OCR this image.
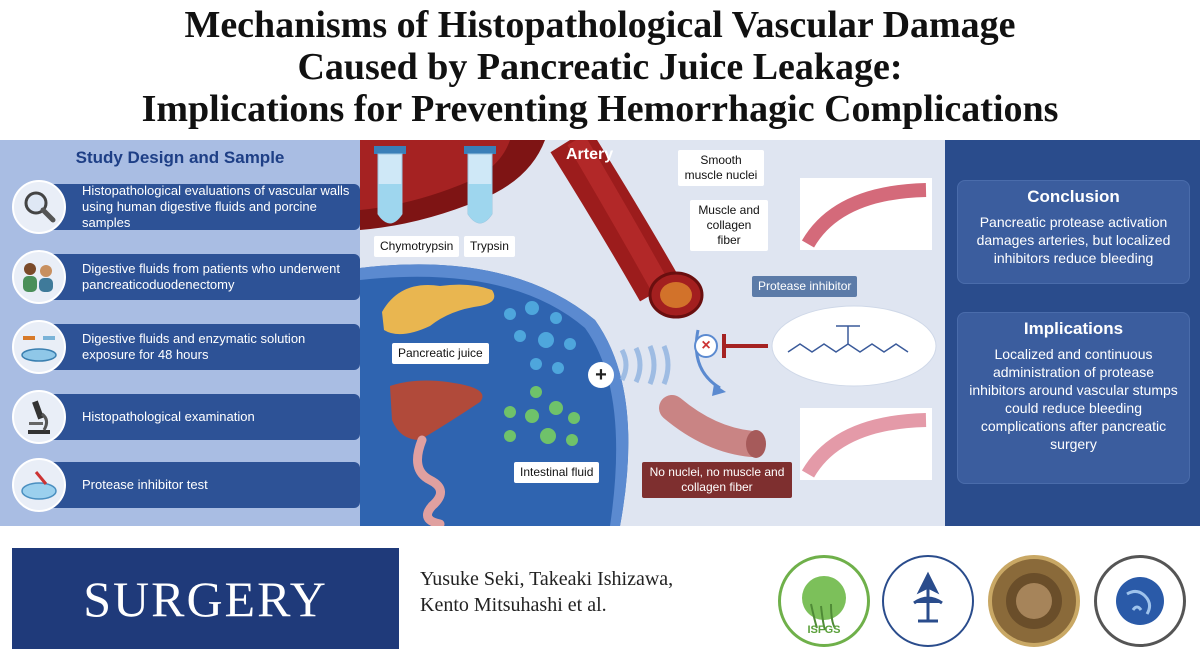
Mechanisms of Histopathological Vascular Damage
Caused by Pancreatic Juice Leakage:
Implications for Preventing Hemorrhagic Complications
Study Design and Sample
Histopathological evaluations of vascular walls using human digestive fluids and porcine samples
Digestive fluids from patients who underwent pancreaticoduodenectomy
Digestive fluids and enzymatic solution exposure for 48 hours
Histopathological examination
Protease inhibitor test
+
×
Chymotrypsin	Trypsin
Artery	Smooth muscle nuclei
Muscle and collagen fiber
Protease inhibitor
Pancreatic juice
Intestinal fluid	No nuclei, no muscle and collagen fiber
Conclusion
Pancreatic protease activation damages arteries, but localized inhibitors reduce bleeding
Implications
Localized and continuous administration of protease inhibitors around vascular stumps could reduce bleeding complications after pancreatic surgery
SURGERY	Yusuke Seki, Takeaki Ishizawa,
Kento Mitsuhashi et al.
ISFGS
